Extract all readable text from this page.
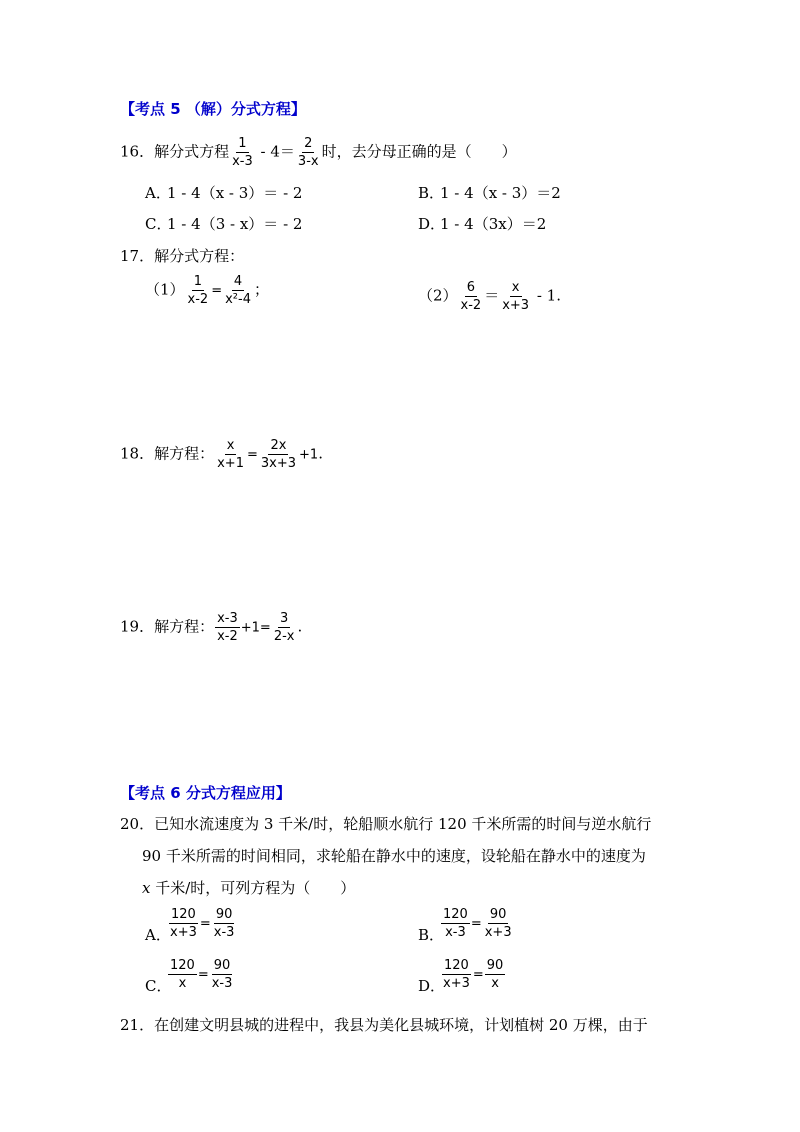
【考点 5 （解）分式方程】
16．解分式方程 $\frac{1}{x-3} - 4= \frac{2}{3-x}$ 时，去分母正确的是（　　）
A．1 - 4（x - 3）＝ - 2	B．1 - 4（x - 3）＝2
C．1 - 4（3 - x）＝ - 2	D．1 - 4（3x）＝2
17．解分式方程：
$(1) \frac{1}{x-2} = \frac{4}{\text{x²-4}}$ ；	$(2) \frac{6}{x-2} = \frac{x}{x+3} - 1$.
18．解方程： $\frac{x}{x+1} = \frac{2x}{3x+3} +1$.
19．解方程： $\frac{x-3}{x-2} +1= \frac{3}{2-x}$ .
【考点 6 分式方程应用】
20．已知水流速度为 3 千米/时，轮船顺水航行 120 千米所需的时间与逆水航行
90 千米所需的时间相同，求轮船在静水中的速度，设轮船在静水中的速度为
x 千米/时，可列方程为（　　）
A．
$\frac{120}{x+3} = \frac{90}{x-3}$	B．
$\frac{120}{x-3} = \frac{90}{x+3}$
C．
$\frac{120}{x} = \frac{90}{x-3}$	D．
$\frac{120}{x+3} = \frac{90}{x}$
21．在创建文明县城的进程中，我县为美化县城环境，计划植树 20 万棵，由于
